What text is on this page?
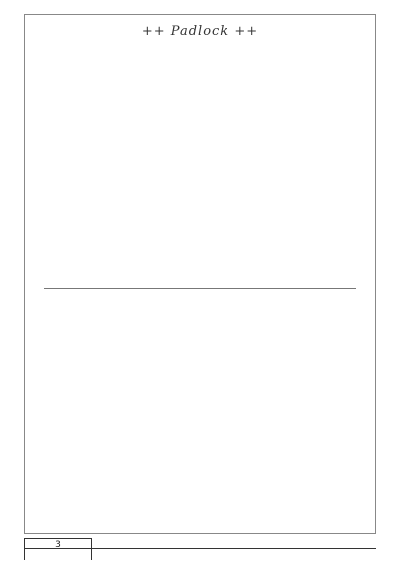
++ Padlock ++
3
